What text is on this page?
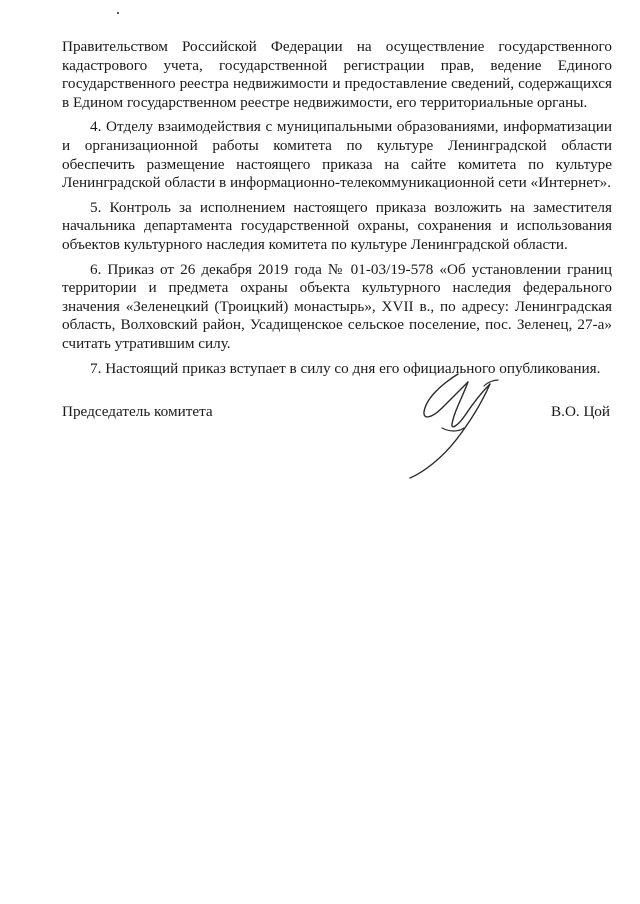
Правительством Российской Федерации на осуществление государственного кадастрового учета, государственной регистрации прав, ведение Единого государственного реестра недвижимости и предоставление сведений, содержащихся в Едином государственном реестре недвижимости, его территориальные органы.

4. Отделу взаимодействия с муниципальными образованиями, информатизации и организационной работы комитета по культуре Ленинградской области обеспечить размещение настоящего приказа на сайте комитета по культуре Ленинградской области в информационно-телекоммуникационной сети «Интернет».

5. Контроль за исполнением настоящего приказа возложить на заместителя начальника департамента государственной охраны, сохранения и использования объектов культурного наследия комитета по культуре Ленинградской области.

6. Приказ от 26 декабря 2019 года № 01-03/19-578 «Об установлении границ территории и предмета охраны объекта культурного наследия федерального значения «Зеленецкий (Троицкий) монастырь», XVII в., по адресу: Ленинградская область, Волховский район, Усадищенское сельское поселение, пос. Зеленец, 27-а» считать утратившим силу.

7. Настоящий приказ вступает в силу со дня его официального опубликования.

Председатель комитета	В.О. Цой
